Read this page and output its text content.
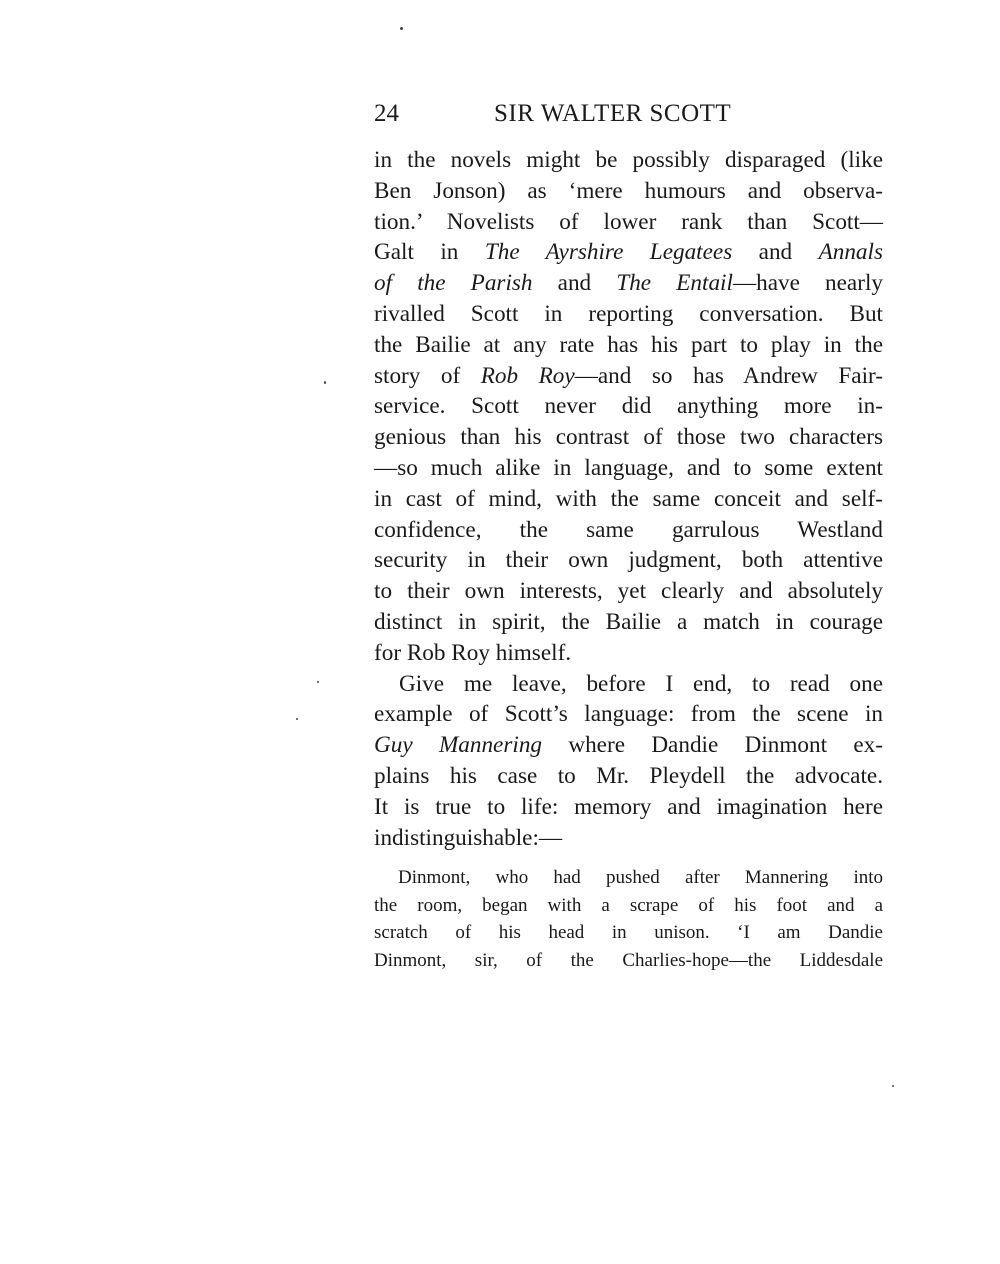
24	SIR WALTER SCOTT
in the novels might be possibly disparaged (like
Ben Jonson) as ‘mere humours and observa-
tion.’ Novelists of lower rank than Scott—
Galt in The Ayrshire Legatees and Annals
of the Parish and The Entail—have nearly
rivalled Scott in reporting conversation. But
the Bailie at any rate has his part to play in the
story of Rob Roy—and so has Andrew Fair-
service. Scott never did anything more in-
genious than his contrast of those two characters
—so much alike in language, and to some extent
in cast of mind, with the same conceit and self-
confidence, the same garrulous Westland
security in their own judgment, both attentive
to their own interests, yet clearly and absolutely
distinct in spirit, the Bailie a match in courage
for Rob Roy himself.
Give me leave, before I end, to read one
example of Scott’s language: from the scene in
Guy Mannering where Dandie Dinmont ex-
plains his case to Mr. Pleydell the advocate.
It is true to life: memory and imagination here
indistinguishable:—
Dinmont, who had pushed after Mannering into
the room, began with a scrape of his foot and a
scratch of his head in unison. ‘I am Dandie
Dinmont, sir, of the Charlies-hope—the Liddesdale
